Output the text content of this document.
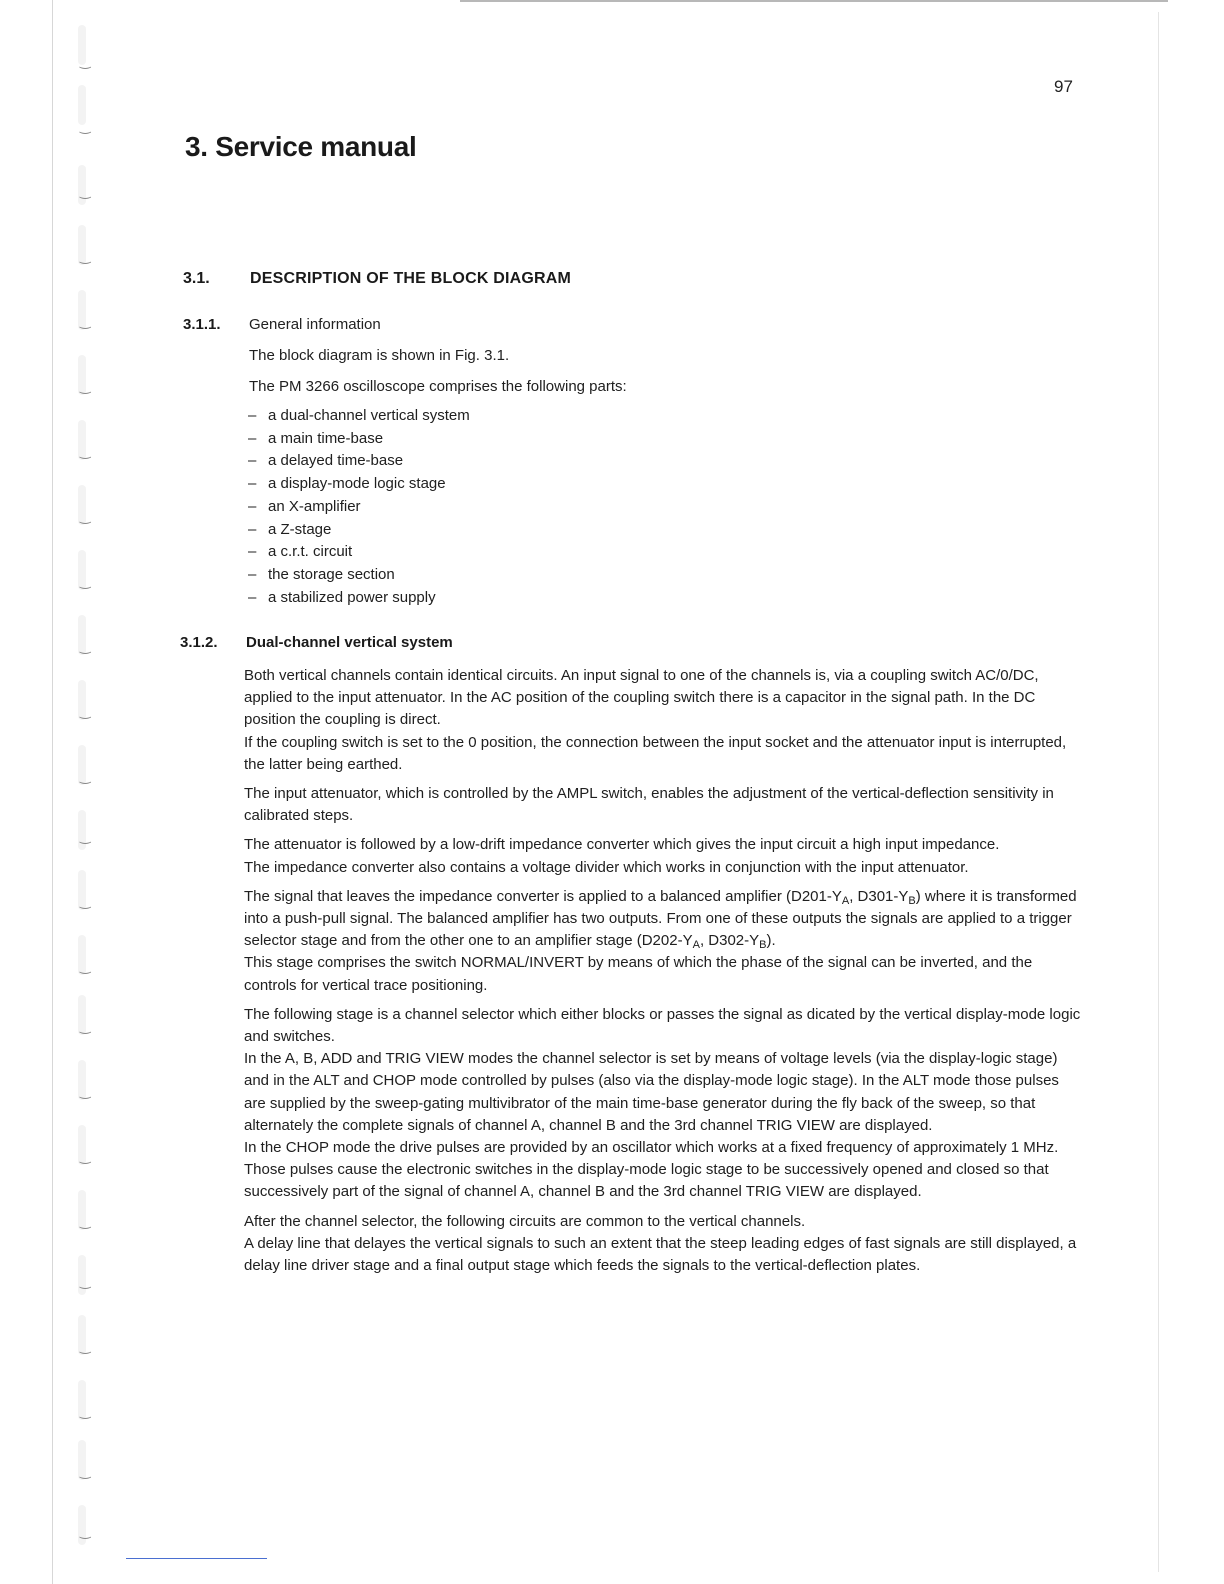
‿
‿
‿
‿
‿
‿
‿
‿
‿
‿
‿
‿
‿
‿
‿
‿
‿
‿
‿
‿
‿
‿
‿
‿
97
3. Service manual
3.1.	DESCRIPTION OF THE BLOCK DIAGRAM
3.1.1. General information

The block diagram is shown in Fig. 3.1.

The PM 3266 oscilloscope comprises the following parts:

– a dual-channel vertical system
– a main time-base
– a delayed time-base
– a display-mode logic stage
– an X-amplifier
– a Z-stage
– a c.r.t. circuit
– the storage section
– a stabilized power supply
3.1.2. Dual-channel vertical system

Both vertical channels contain identical circuits. An input signal to one of the channels is, via a coupling switch AC/0/DC, applied to the input attenuator. In the AC position of the coupling switch there is a capacitor in the signal path. In the DC position the coupling is direct.

If the coupling switch is set to the 0 position, the connection between the input socket and the attenuator input is interrupted, the latter being earthed.

The input attenuator, which is controlled by the AMPL switch, enables the adjustment of the vertical-deflection sensitivity in calibrated steps.

The attenuator is followed by a low-drift impedance converter which gives the input circuit a high input impedance.

The impedance converter also contains a voltage divider which works in conjunction with the input attenuator.

The signal that leaves the impedance converter is applied to a balanced amplifier ($D201-Y_A$, $D301-Y_B$) where it is transformed into a push-pull signal. The balanced amplifier has two outputs. From one of these outputs the signals are applied to a trigger selector stage and from the other one to an amplifier stage ($D202-Y_A$, $D302-Y_B$).

This stage comprises the switch NORMAL/INVERT by means of which the phase of the signal can be inverted, and the controls for vertical trace positioning.

The following stage is a channel selector which either blocks or passes the signal as dicated by the vertical display-mode logic and switches.

In the A, B, ADD and TRIG VIEW modes the channel selector is set by means of voltage levels (via the display-logic stage) and in the ALT and CHOP mode controlled by pulses (also via the display-mode logic stage). In the ALT mode those pulses are supplied by the sweep-gating multivibrator of the main time-base generator during the fly back of the sweep, so that alternately the complete signals of channel A, channel B and the 3rd channel TRIG VIEW are displayed.

In the CHOP mode the drive pulses are provided by an oscillator which works at a fixed frequency of approximately 1 MHz.

Those pulses cause the electronic switches in the display-mode logic stage to be successively opened and closed so that successively part of the signal of channel A, channel B and the 3rd channel TRIG VIEW are displayed.

After the channel selector, the following circuits are common to the vertical channels.

A delay line that delayes the vertical signals to such an extent that the steep leading edges of fast signals are still displayed, a delay line driver stage and a final output stage which feeds the signals to the vertical-deflection plates.
